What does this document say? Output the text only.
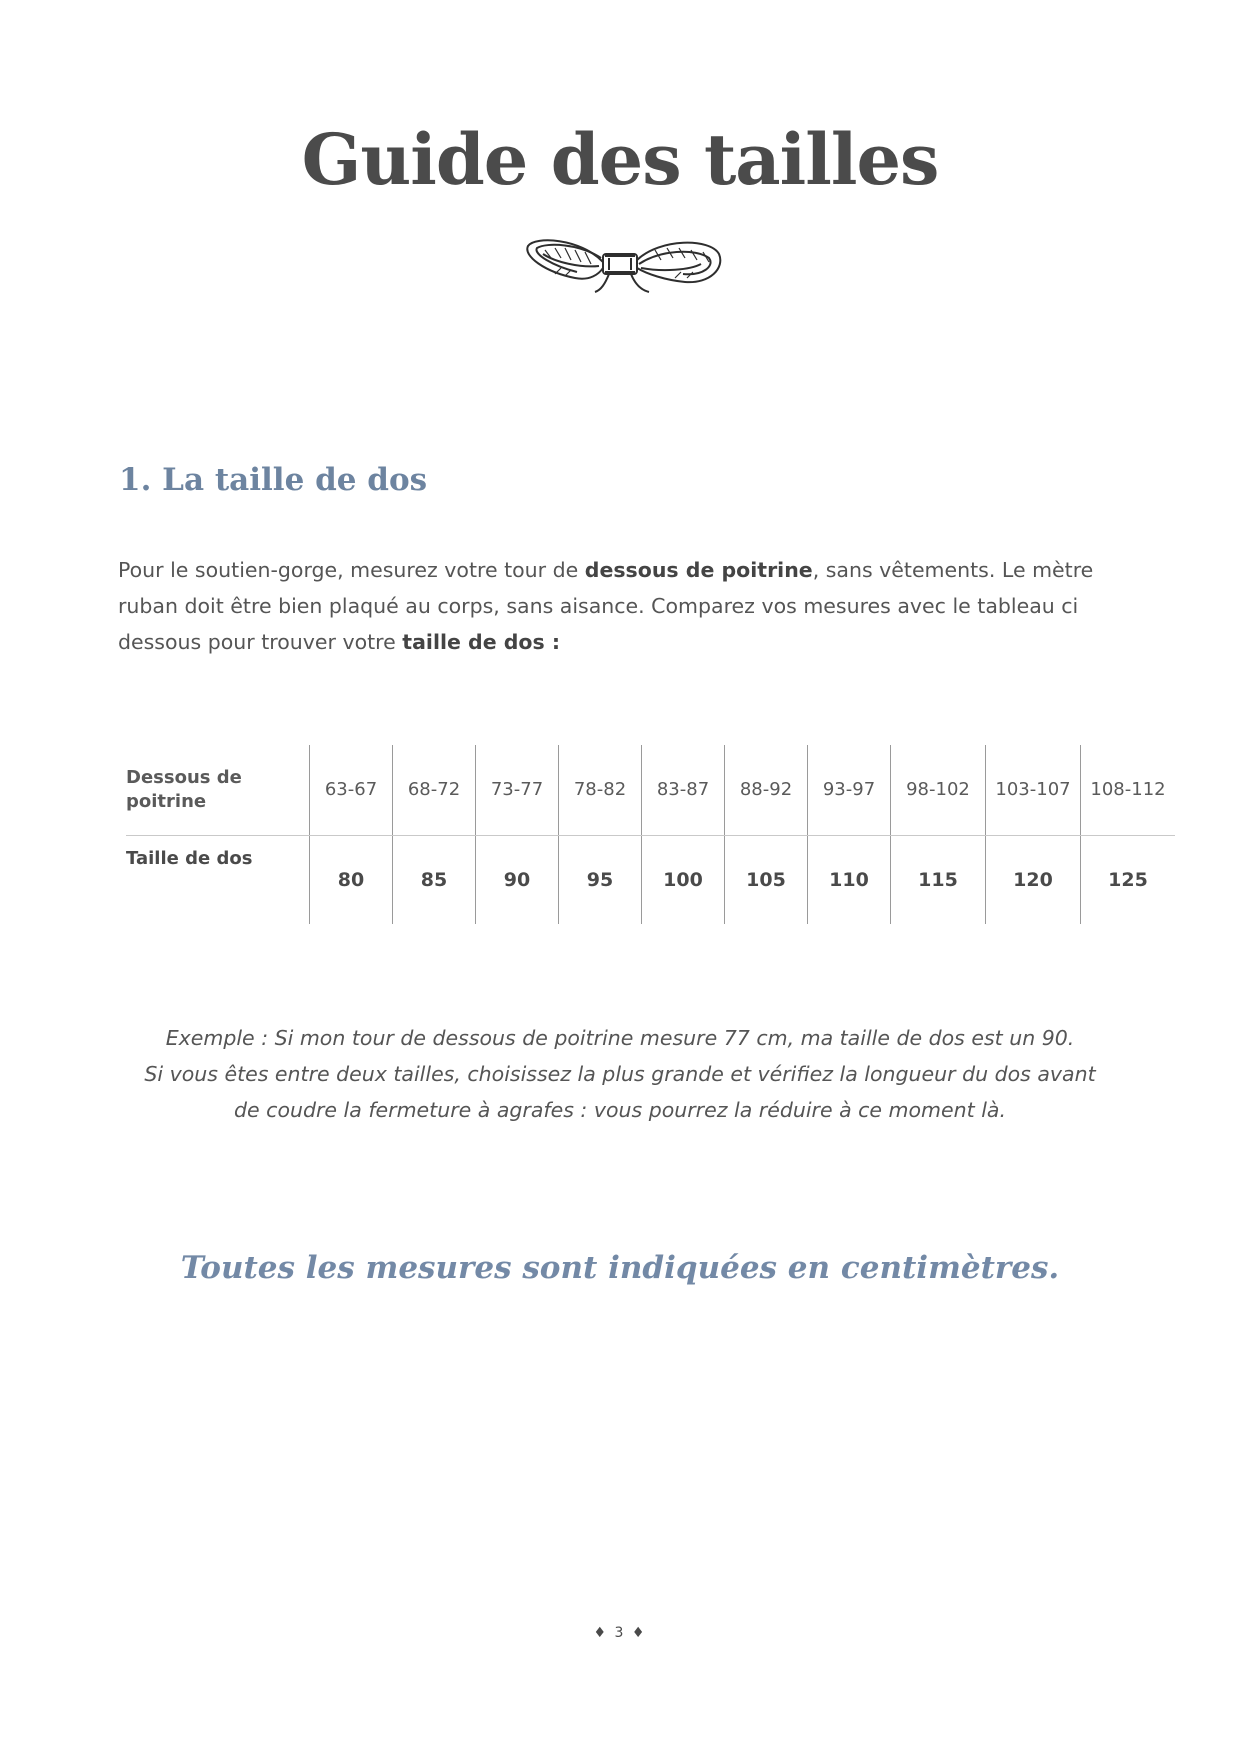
Guide des tailles
1. La taille de dos

Pour le soutien-gorge, mesurez votre tour de dessous de poitrine, sans vêtements. Le mètre ruban doit être bien plaqué au corps, sans aisance. Comparez vos mesures avec le tableau ci dessous pour trouver votre taille de dos :

Dessous de poitrine	63-67	68-72	73-77	78-82	83-87	88-92	93-97	98-102	103-107	108-112
Taille de dos	80	85	90	95	100	105	110	115	120	125
Exemple : Si mon tour de dessous de poitrine mesure 77 cm, ma taille de dos est un 90.
Si vous êtes entre deux tailles, choisissez la plus grande et vérifiez la longueur du dos avant
de coudre la fermeture à agrafes : vous pourrez la réduire à ce moment là.

Toutes les mesures sont indiquées en centimètres.

♦ 3 ♦
